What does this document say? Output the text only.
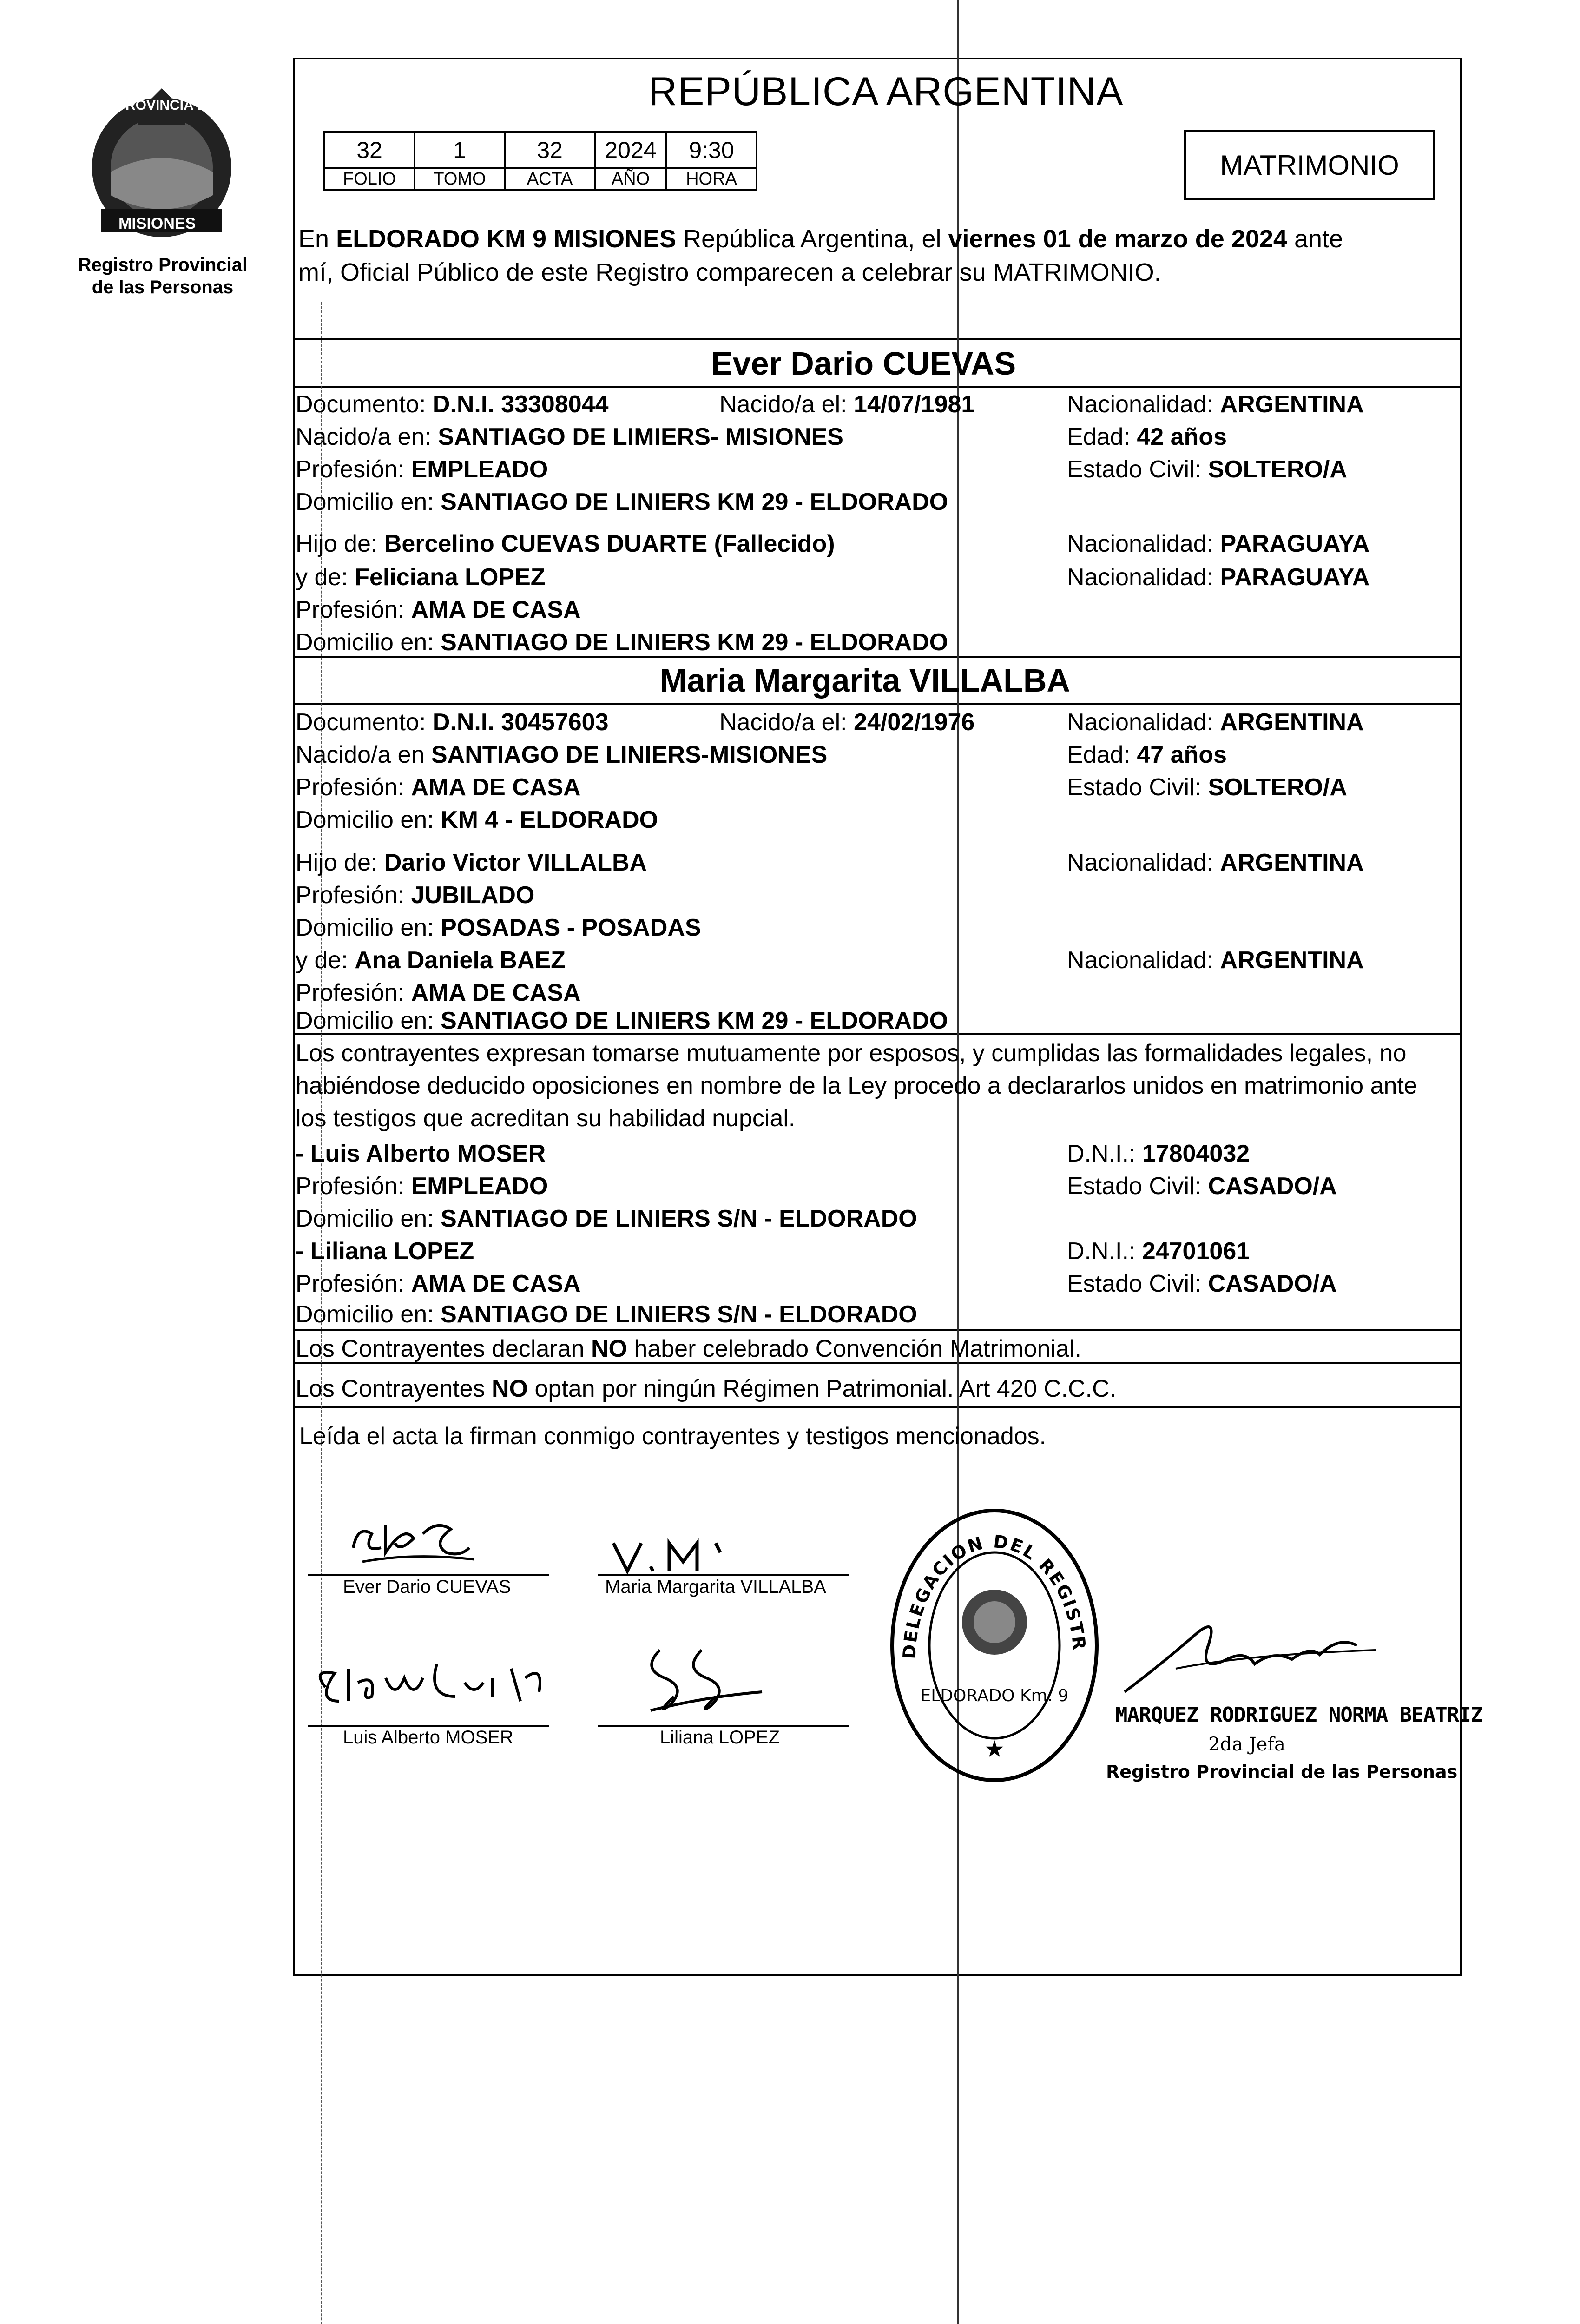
PROVINCIA DE
MISIONES
Registro Provincial
de las Personas
REPÚBLICA ARGENTINA
32	1	32	2024	9:30
FOLIO	TOMO	ACTA	AÑO	HORA	MATRIMONIO
En ELDORADO KM 9 MISIONES República Argentina, el viernes 01 de marzo de 2024 ante
mí, Oficial Público de este Registro comparecen a celebrar su MATRIMONIO.
Ever Dario CUEVAS
Documento: D.N.I. 33308044	Nacido/a el: 14/07/1981	Nacionalidad: ARGENTINA
Nacido/a en: SANTIAGO DE LIMIERS- MISIONES	Edad: 42 años
Profesión: EMPLEADO	Estado Civil: SOLTERO/A
Domicilio en: SANTIAGO DE LINIERS KM 29 - ELDORADO
Hijo de: Bercelino CUEVAS DUARTE (Fallecido)	Nacionalidad: PARAGUAYA
y de: Feliciana LOPEZ	Nacionalidad: PARAGUAYA
Profesión: AMA DE CASA
Domicilio en: SANTIAGO DE LINIERS KM 29 - ELDORADO
Maria Margarita VILLALBA
Documento: D.N.I. 30457603	Nacido/a el: 24/02/1976	Nacionalidad: ARGENTINA
Nacido/a en SANTIAGO DE LINIERS-MISIONES	Edad: 47 años
Profesión: AMA DE CASA	Estado Civil: SOLTERO/A
Domicilio en: KM 4 - ELDORADO
Hijo de: Dario Victor VILLALBA	Nacionalidad: ARGENTINA
Profesión: JUBILADO
Domicilio en: POSADAS - POSADAS
y de: Ana Daniela BAEZ	Nacionalidad: ARGENTINA
Profesión: AMA DE CASA
Domicilio en: SANTIAGO DE LINIERS KM 29 - ELDORADO
Los contrayentes expresan tomarse mutuamente por esposos, y cumplidas las formalidades legales, no
habiéndose deducido oposiciones en nombre de la Ley procedo a declararlos unidos en matrimonio ante
los testigos que acreditan su habilidad nupcial.
- Luis Alberto MOSER	D.N.I.: 17804032
Profesión: EMPLEADO	Estado Civil: CASADO/A
Domicilio en: SANTIAGO DE LINIERS S/N - ELDORADO
- Liliana LOPEZ	D.N.I.: 24701061
Profesión: AMA DE CASA	Estado Civil: CASADO/A
Domicilio en: SANTIAGO DE LINIERS S/N - ELDORADO
Los Contrayentes declaran NO haber celebrado Convención Matrimonial.
Los Contrayentes NO optan por ningún Régimen Patrimonial. Art 420 C.C.C.
Leída el acta la firman conmigo contrayentes y testigos mencionados.
Ever Dario CUEVAS	Maria Margarita VILLALBA
Luis Alberto MOSER	Liliana LOPEZ
DELEGACION DEL REGISTR
ELDORADO Km. 9
★
MARQUEZ RODRIGUEZ NORMA BEATRIZ
2da Jefa
Registro Provincial de las Personas
